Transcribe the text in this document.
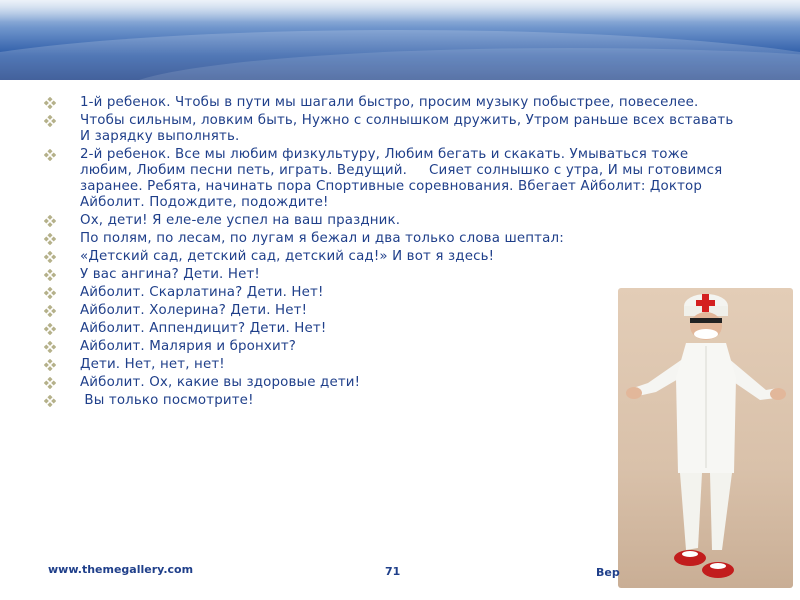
1-й ребенок. Чтобы в пути мы шагали быстро, просим музыку побыстрее, повеселее.
Чтобы сильным, ловким быть, Нужно с солнышком дружить, Утром раньше всех вставать И зарядку выполнять.
2-й ребенок. Все мы любим физкультуру, Любим бегать и скакать. Умываться тоже любим, Любим песни петь, играть. Ведущий.     Сияет солнышко с утра, И мы готовимся заранее. Ребята, начинать пора Спортивные соревнования. Вбегает Айболит: Доктор Айболит. Подождите, подождите!
Ох, дети! Я еле-еле успел на ваш праздник.
По полям, по лесам, по лугам я бежал и два только слова шептал:
«Детский сад, детский сад, детский сад!» И вот я здесь!
У вас ангина? Дети. Нет!
Айболит. Скарлатина? Дети. Нет!
Айболит. Холерина? Дети. Нет!
Айболит. Аппендицит? Дети. Нет!
Айболит. Малярия и бронхит?
Дети. Нет, нет, нет!
Айболит. Ох, какие вы здоровые дети!
Вы только посмотрите!
www.themegallery.com	71	Вер
